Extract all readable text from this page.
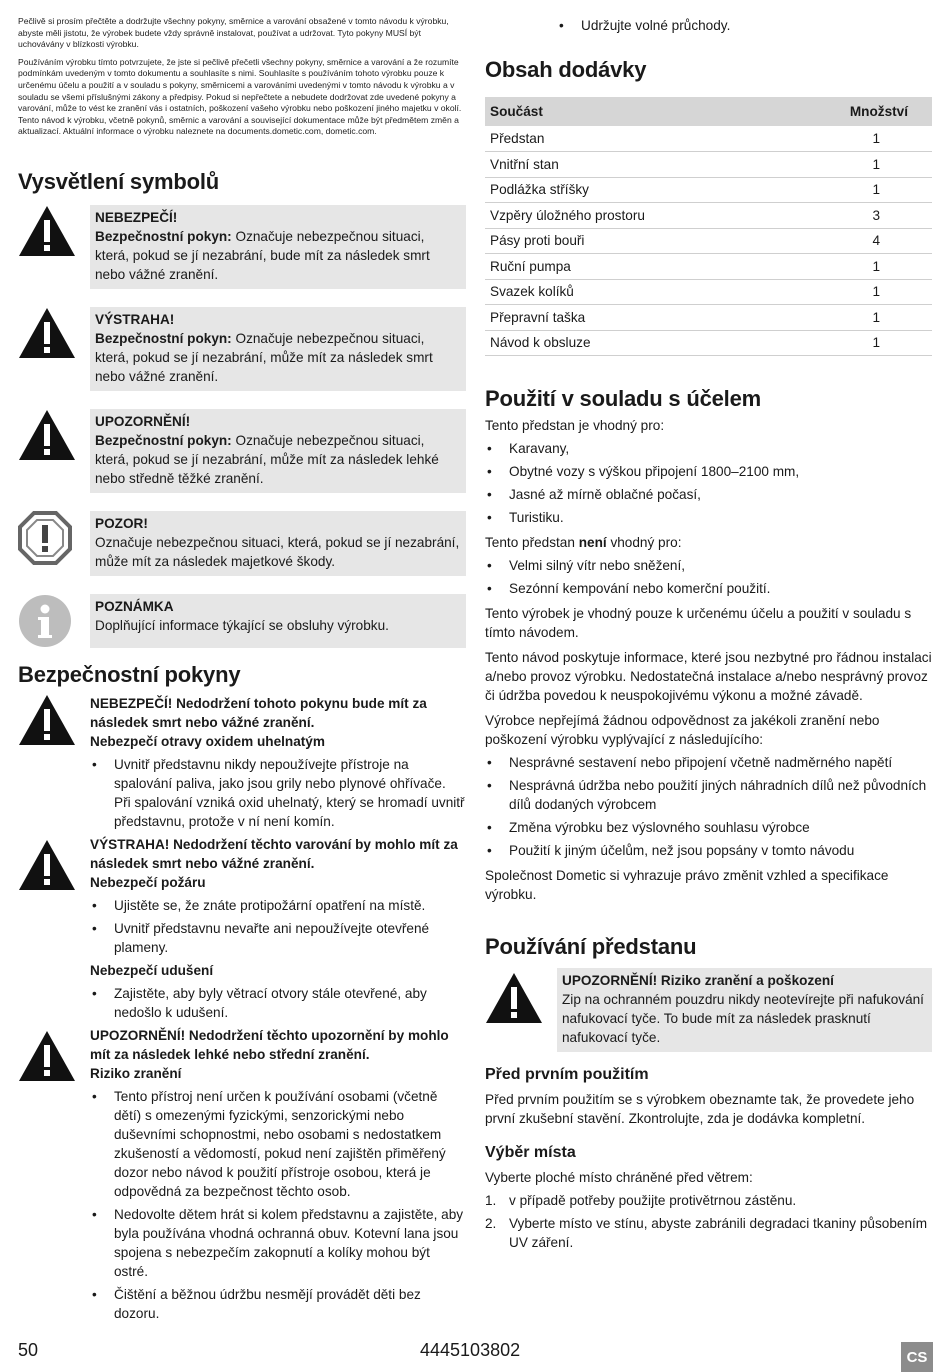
Pečlivě si prosím přečtěte a dodržujte všechny pokyny, směrnice a varování obsažené v tomto návodu k výrobku, abyste měli jistotu, že výrobek budete vždy správně instalovat, používat a udržovat. Tyto pokyny MUSÍ být uchovávány v blízkosti výrobku.

Používáním výrobku tímto potvrzujete, že jste si pečlivě přečetli všechny pokyny, směrnice a varování a že rozumíte podmínkám uvedeným v tomto dokumentu a souhlasíte s nimi. Souhlasíte s používáním tohoto výrobku pouze k určenému účelu a použití a v souladu s pokyny, směrnicemi a varováními uvedenými v tomto návodu k výrobku a v souladu se všemi příslušnými zákony a předpisy. Pokud si nepřečtete a nebudete dodržovat zde uvedené pokyny a varování, může to vést ke zranění vás i ostatních, poškození vašeho výrobku nebo poškození jiného majetku v okolí. Tento návod k výrobku, včetně pokynů, směrnic a varování a související dokumentace může být předmětem změn a aktualizací. Aktuální informace o výrobku naleznete na documents.dometic.com, dometic.com.

Vysvětlení symbolů
NEBEZPEČÍ!
Bezpečnostní pokyn: Označuje nebezpečnou situaci, která, pokud se jí nezabrání, bude mít za následek smrt nebo vážné zranění.
VÝSTRAHA!
Bezpečnostní pokyn: Označuje nebezpečnou situaci, která, pokud se jí nezabrání, může mít za následek smrt nebo vážné zranění.
UPOZORNĚNÍ!
Bezpečnostní pokyn: Označuje nebezpečnou situaci, která, pokud se jí nezabrání, může mít za následek lehké nebo středně těžké zranění.
POZOR!
Označuje nebezpečnou situaci, která, pokud se jí nezabrání, může mít za následek majetkové škody.
POZNÁMKA
Doplňující informace týkající se obsluhy výrobku.
Bezpečnostní pokyny
NEBEZPEČÍ! Nedodržení tohoto pokynu bude mít za následek smrt nebo vážné zranění.
Nebezpečí otravy oxidem uhelnatým
• Uvnitř představnu nikdy nepoužívejte přístroje na spalování paliva, jako jsou grily nebo plynové ohřívače. Při spalování vzniká oxid uhelnatý, který se hromadí uvnitř představnu, protože v ní není komín.
VÝSTRAHA! Nedodržení těchto varování by mohlo mít za následek smrt nebo vážné zranění.
Nebezpečí požáru
• Ujistěte se, že znáte protipožární opatření na místě.
• Uvnitř představnu nevařte ani nepoužívejte otevřené plameny.
Nebezpečí udušení
• Zajistěte, aby byly větrací otvory stále otevřené, aby nedošlo k udušení.
UPOZORNĚNÍ! Nedodržení těchto upozornění by mohlo mít za následek lehké nebo střední zranění.
Riziko zranění
• Tento přístroj není určen k používání osobami (včetně dětí) s omezenými fyzickými, senzorickými nebo duševními schopnostmi, nebo osobami s nedostatkem zkušeností a vědomostí, pokud není zajištěn přiměřený dozor nebo návod k použití přístroje osobou, která je odpovědná za bezpečnost těchto osob.
• Nedovolte dětem hrát si kolem představnu a zajistěte, aby byla používána vhodná ochranná obuv. Kotevní lana jsou spojena s nebezpečím zakopnutí a kolíky mohou být ostré.
• Čištění a běžnou údržbu nesmějí provádět děti bez dozoru.
• Udržujte volné průchody.
Obsah dodávky
Součást	Množství
Předstan	1
Vnitřní stan	1
Podlážka stříšky	1
Vzpěry úložného prostoru	3
Pásy proti bouři	4
Ruční pumpa	1
Svazek kolíků	1
Přepravní taška	1
Návod k obsluze	1
Použití v souladu s účelem
Tento předstan je vhodný pro:
• Karavany,
• Obytné vozy s výškou připojení 1800–2100 mm,
• Jasné až mírně oblačné počasí,
• Turistiku.
Tento předstan není vhodný pro:
• Velmi silný vítr nebo sněžení,
• Sezónní kempování nebo komerční použití.
Tento výrobek je vhodný pouze k určenému účelu a použití v souladu s tímto návodem.
Tento návod poskytuje informace, které jsou nezbytné pro řádnou instalaci a/nebo provoz výrobku. Nedostatečná instalace a/nebo nesprávný provoz či údržba povedou k neuspokojivému výkonu a možné závadě.
Výrobce nepřejímá žádnou odpovědnost za jakékoli zranění nebo poškození výrobku vyplývající z následujícího:
• Nesprávné sestavení nebo připojení včetně nadměrného napětí
• Nesprávná údržba nebo použití jiných náhradních dílů než původních dílů dodaných výrobcem
• Změna výrobku bez výslovného souhlasu výrobce
• Použití k jiným účelům, než jsou popsány v tomto návodu
Společnost Dometic si vyhrazuje právo změnit vzhled a specifikace výrobku.
Používání předstanu
UPOZORNĚNÍ! Riziko zranění a poškození
Zip na ochranném pouzdru nikdy neotevírejte při nafukování nafukovací tyče. To bude mít za následek prasknutí nafukovací tyče.
Před prvním použitím
Před prvním použitím se s výrobkem obeznamte tak, že provedete jeho první zkušební stavění. Zkontrolujte, zda je dodávka kompletní.
Výběr místa
Vyberte ploché místo chráněné před větrem:
1. v případě potřeby použijte protivětrnou zástěnu.
2. Vyberte místo ve stínu, abyste zabránili degradaci tkaniny působením UV záření.
50	4445103802	CS
